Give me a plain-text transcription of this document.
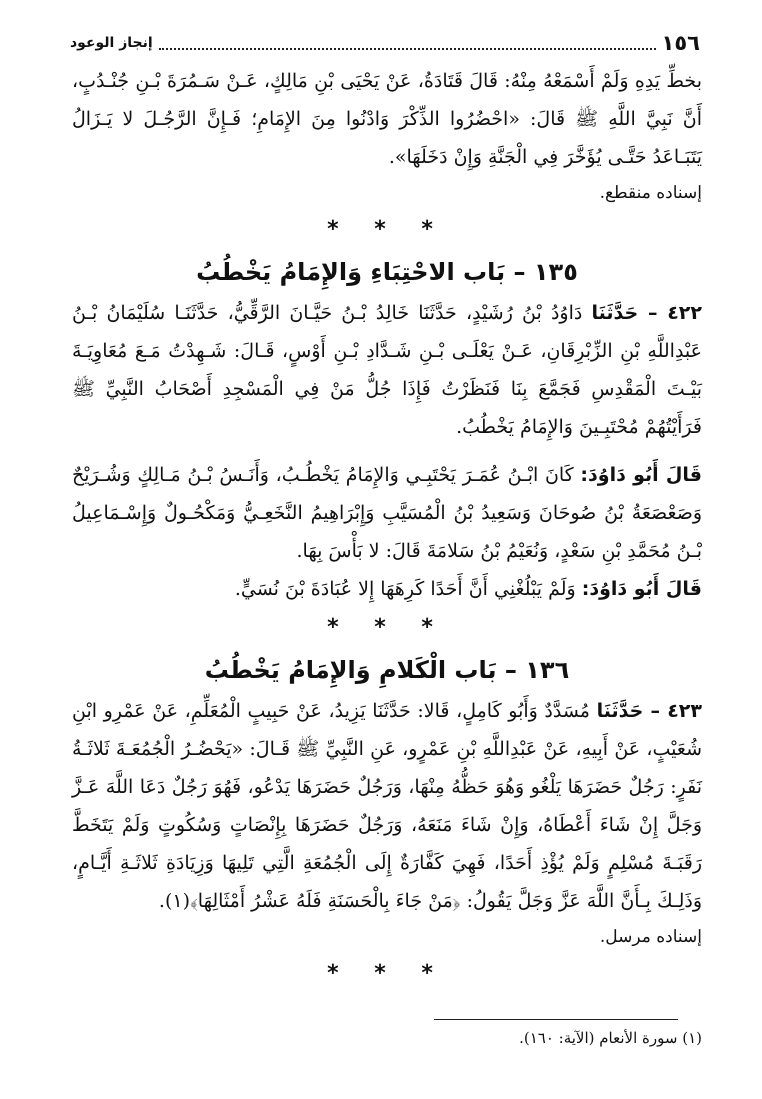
١٥٦
إنجاز الوعود

بخطِّ يَدِهِ وَلَمْ أَسْمَعْهُ مِنْهُ: قَالَ قَتَادَةُ، عَنْ يَحْيَى بْنِ مَالِكٍ، عَـنْ سَـمُرَةَ بْـنِ جُنْـدُبٍ، أَنَّ نَبِيَّ اللَّهِ ﷺ قَالَ: «احْضُرُوا الذِّكْرَ وَادْنُوا مِنَ الإِمَامِ؛ فَـإِنَّ الرَّجُـلَ لا يَـزَالُ يَتَبَـاعَدُ حَتَّـى يُؤَخَّرَ فِي الْجَنَّةِ وَإِنْ دَخَلَهَا».

إسناده منقطع.

* * *
١٣٥ – بَاب الاحْتِبَاءِ وَالإِمَامُ يَخْطُبُ

٤٢٢ – حَدَّثَنَا دَاوُدُ بْنُ رُشَيْدٍ، حَدَّثَنَا خَالِدُ بْـنُ حَيَّـانَ الرَّقِّيُّ، حَدَّثَنَـا سُلَيْمَانُ بْـنُ عَبْدِاللَّهِ بْنِ الزِّبْرِقَانِ، عَـنْ يَعْلَـى بْـنِ شَـدَّادِ بْـنِ أَوْسٍ، قَـالَ: شَـهِدْتُ مَـعَ مُعَاوِيَـةَ بَيْـتَ الْمَقْدِسِ فَجَمَّعَ بِنَا فَنَظَرْتُ فَإِذَا جُلُّ مَنْ فِي الْمَسْجِدِ أَصْحَابُ النَّبِيِّ ﷺ فَرَأَيْتُهُمْ مُحْتَبِـينَ وَالإِمَامُ يَخْطُبُ.

قَالَ أَبُو دَاوُدَ: كَانَ ابْـنُ عُمَـرَ يَحْتَبِـي وَالإِمَامُ يَخْطُـبُ، وَأَنَـسُ بْـنُ مَـالِكٍ وَشُـرَيْحٌ وَصَعْصَعَةُ بْنُ صُوحَانَ وَسَعِيدُ بْنُ الْمُسَيَّبِ وَإِبْرَاهِيمُ النَّخَعِـيُّ وَمَكْحُـولٌ وَإِسْـمَاعِيلُ بْـنُ مُحَمَّدِ بْنِ سَعْدٍ، وَنُعَيْمُ بْنُ سَلامَةَ قَالَ: لا بَأْسَ بِهَا.

قَالَ أَبُو دَاوُدَ: وَلَمْ يَبْلُغْنِي أَنَّ أَحَدًا كَرِهَهَا إِلا عُبَادَةَ بْنَ نُسَيٍّ.

* * *
١٣٦ – بَاب الْكَلامِ وَالإِمَامُ يَخْطُبُ

٤٢٣ – حَدَّثَنَا مُسَدَّدٌ وَأَبُو كَامِلٍ، قَالا: حَدَّثَنَا يَزِيدُ، عَنْ حَبِيبٍ الْمُعَلِّمِ، عَنْ عَمْرِو ابْنِ شُعَيْبٍ، عَنْ أَبِيهِ، عَنْ عَبْدِاللَّهِ بْنِ عَمْرٍو، عَنِ النَّبِيِّ ﷺ قَـالَ: «يَحْضُـرُ الْجُمُعَـةَ ثَلاثَـةُ نَفَرٍ: رَجُلٌ حَضَرَهَا يَلْغُو وَهُوَ حَظُّهُ مِنْهَا، وَرَجُلٌ حَضَرَهَا يَدْعُو، فَهُوَ رَجُلٌ دَعَا اللَّهَ عَـزَّ وَجَلَّ إِنْ شَاءَ أَعْطَاهُ، وَإِنْ شَاءَ مَنَعَهُ، وَرَجُلٌ حَضَرَهَا بِإِنْصَاتٍ وَسُكُوتٍ وَلَمْ يَتَخَطَّ رَقَبَـةَ مُسْلِمٍ وَلَمْ يُؤْذِ أَحَدًا، فَهِيَ كَفَّارَةٌ إِلَى الْجُمُعَةِ الَّتِي تَلِيهَا وَزِيَادَةِ ثَلاثَـةِ أَيَّـامٍ، وَذَلِـكَ بِـأَنَّ اللَّهَ عَزَّ وَجَلَّ يَقُولُ: ﴿مَنْ جَاءَ بِالْحَسَنَةِ فَلَهُ عَشْرُ أَمْثَالِهَا﴾(١).

إسناده مرسل.

* * *
(١) سورة الأنعام (الآية: ١٦٠).
